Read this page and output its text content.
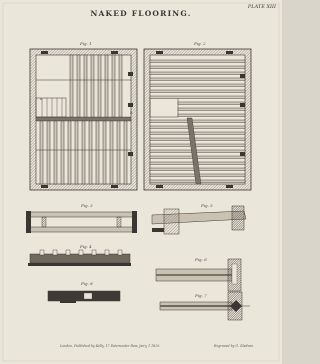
NAKED FLOORING.
PLATE XIII
Fig. 1	Fig. 2
Fig. 3
Fig. 4
Fig. 5
Fig. 6
Fig. 7
Fig. 8
a
b
London, Published by Kelly, 17 Paternoster Row, Jan'y 1 1829.	Engraved by G. Gladwin
